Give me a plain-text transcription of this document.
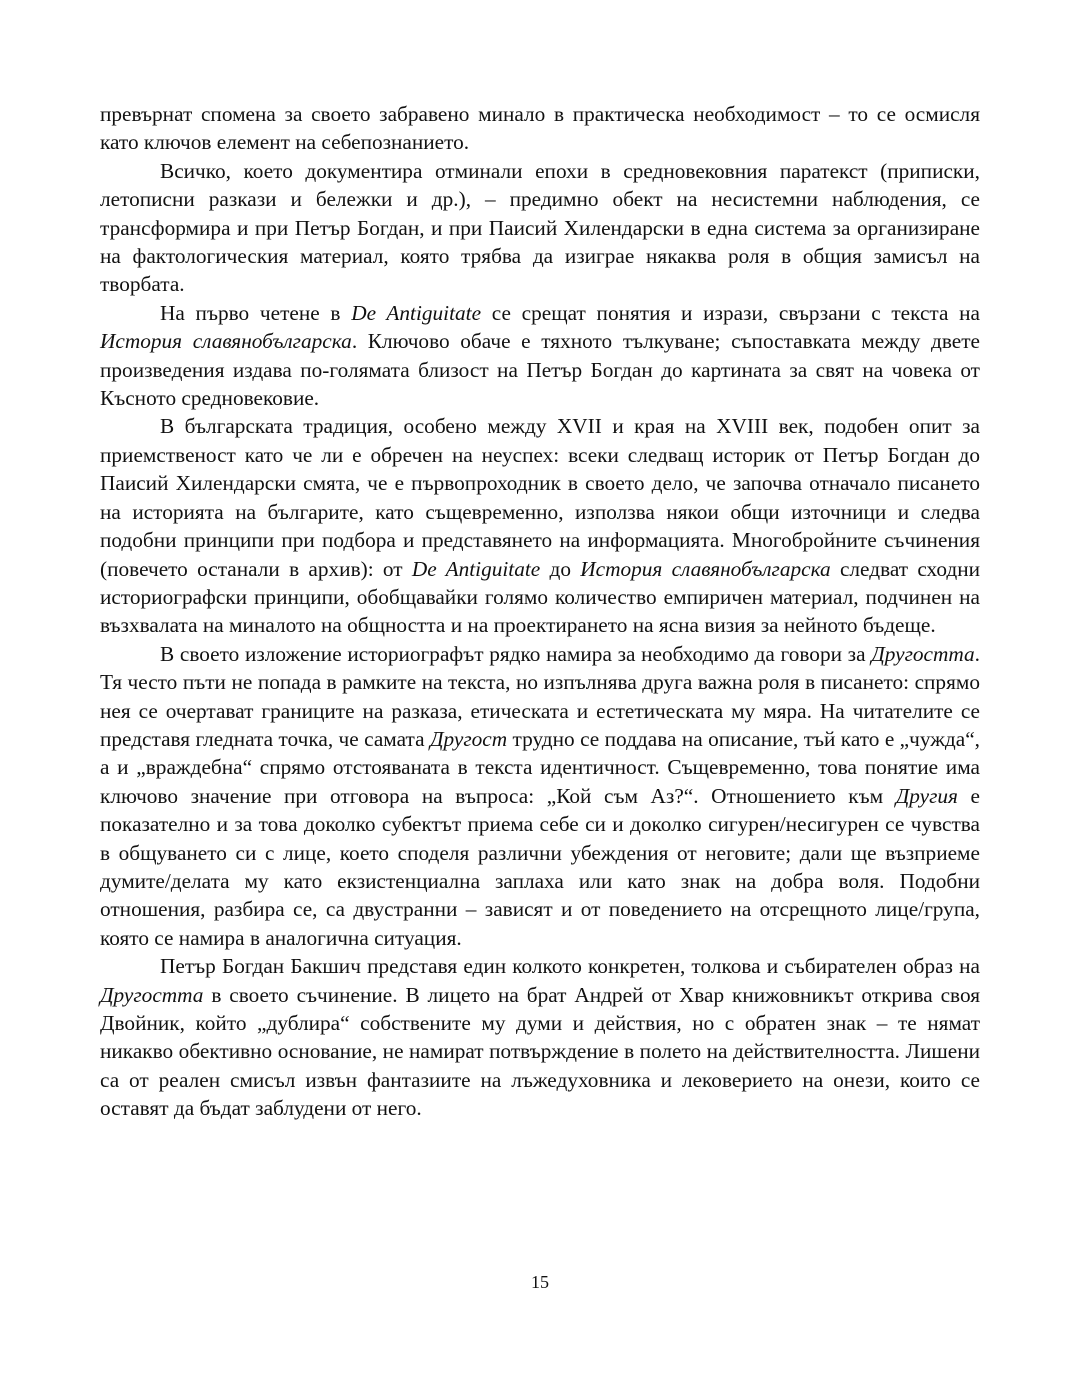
превърнат спомена за своето забравено минало в практическа необходимост – то се осмисля като ключов елемент на себепознанието.

Всичко, което документира отминали епохи в средновековния паратекст (приписки, летописни разкази и бележки и др.), – предимно обект на несистемни наблюдения, се трансформира и при Петър Богдан, и при Паисий Хилендарски в една система за организиране на фактологическия материал, която трябва да изиграе някаква роля в общия замисъл на творбата.

На първо четене в De Antiguitate се срещат понятия и изрази, свързани с текста на История славянобългарска. Ключово обаче е тяхното тълкуване; съпоставката между двете произведения издава по-голямата близост на Петър Богдан до картината за свят на човека от Късното средновековие.

В българската традиция, особено между XVII и края на XVIII век, подобен опит за приемственост като че ли е обречен на неуспех: всеки следващ историк от Петър Богдан до Паисий Хилендарски смята, че е първопроходник в своето дело, че започва отначало писането на историята на българите, като същевременно, използва някои общи източници и следва подобни принципи при подбора и представянето на информацията. Многобройните съчинения (повечето останали в архив): от De Antiguitate до История славянобългарска следват сходни историографски принципи, обобщавайки голямо количество емпиричен материал, подчинен на възхвалата на миналото на общността и на проектирането на ясна визия за нейното бъдеще.

В своето изложение историографът рядко намира за необходимо да говори за Другостта. Тя често пъти не попада в рамките на текста, но изпълнява друга важна роля в писането: спрямо нея се очертават границите на разказа, етическата и естетическата му мяра. На читателите се представя гледната точка, че самата Другост трудно се поддава на описание, тъй като е „чужда“, а и „враждебна“ спрямо отстояваната в текста идентичност. Същевременно, това понятие има ключово значение при отговора на въпроса: „Кой съм Аз?“. Отношението към Другия е показателно и за това доколко субектът приема себе си и доколко сигурен/несигурен се чувства в общуването си с лице, което споделя различни убеждения от неговите; дали ще възприеме думите/делата му като екзистенциална заплаха или като знак на добра воля. Подобни отношения, разбира се, са двустранни – зависят и от поведението на отсрещното лице/група, която се намира в аналогична ситуация.

Петър Богдан Бакшич представя един колкото конкретен, толкова и събирателен образ на Другостта в своето съчинение. В лицето на брат Андрей от Хвар книжовникът открива своя Двойник, който „дублира“ собствените му думи и действия, но с обратен знак – те нямат никакво обективно основание, не намират потвърждение в полето на действителността. Лишени са от реален смисъл извън фантазиите на лъжедуховника и лековерието на онези, които се оставят да бъдат заблудени от него.

15
